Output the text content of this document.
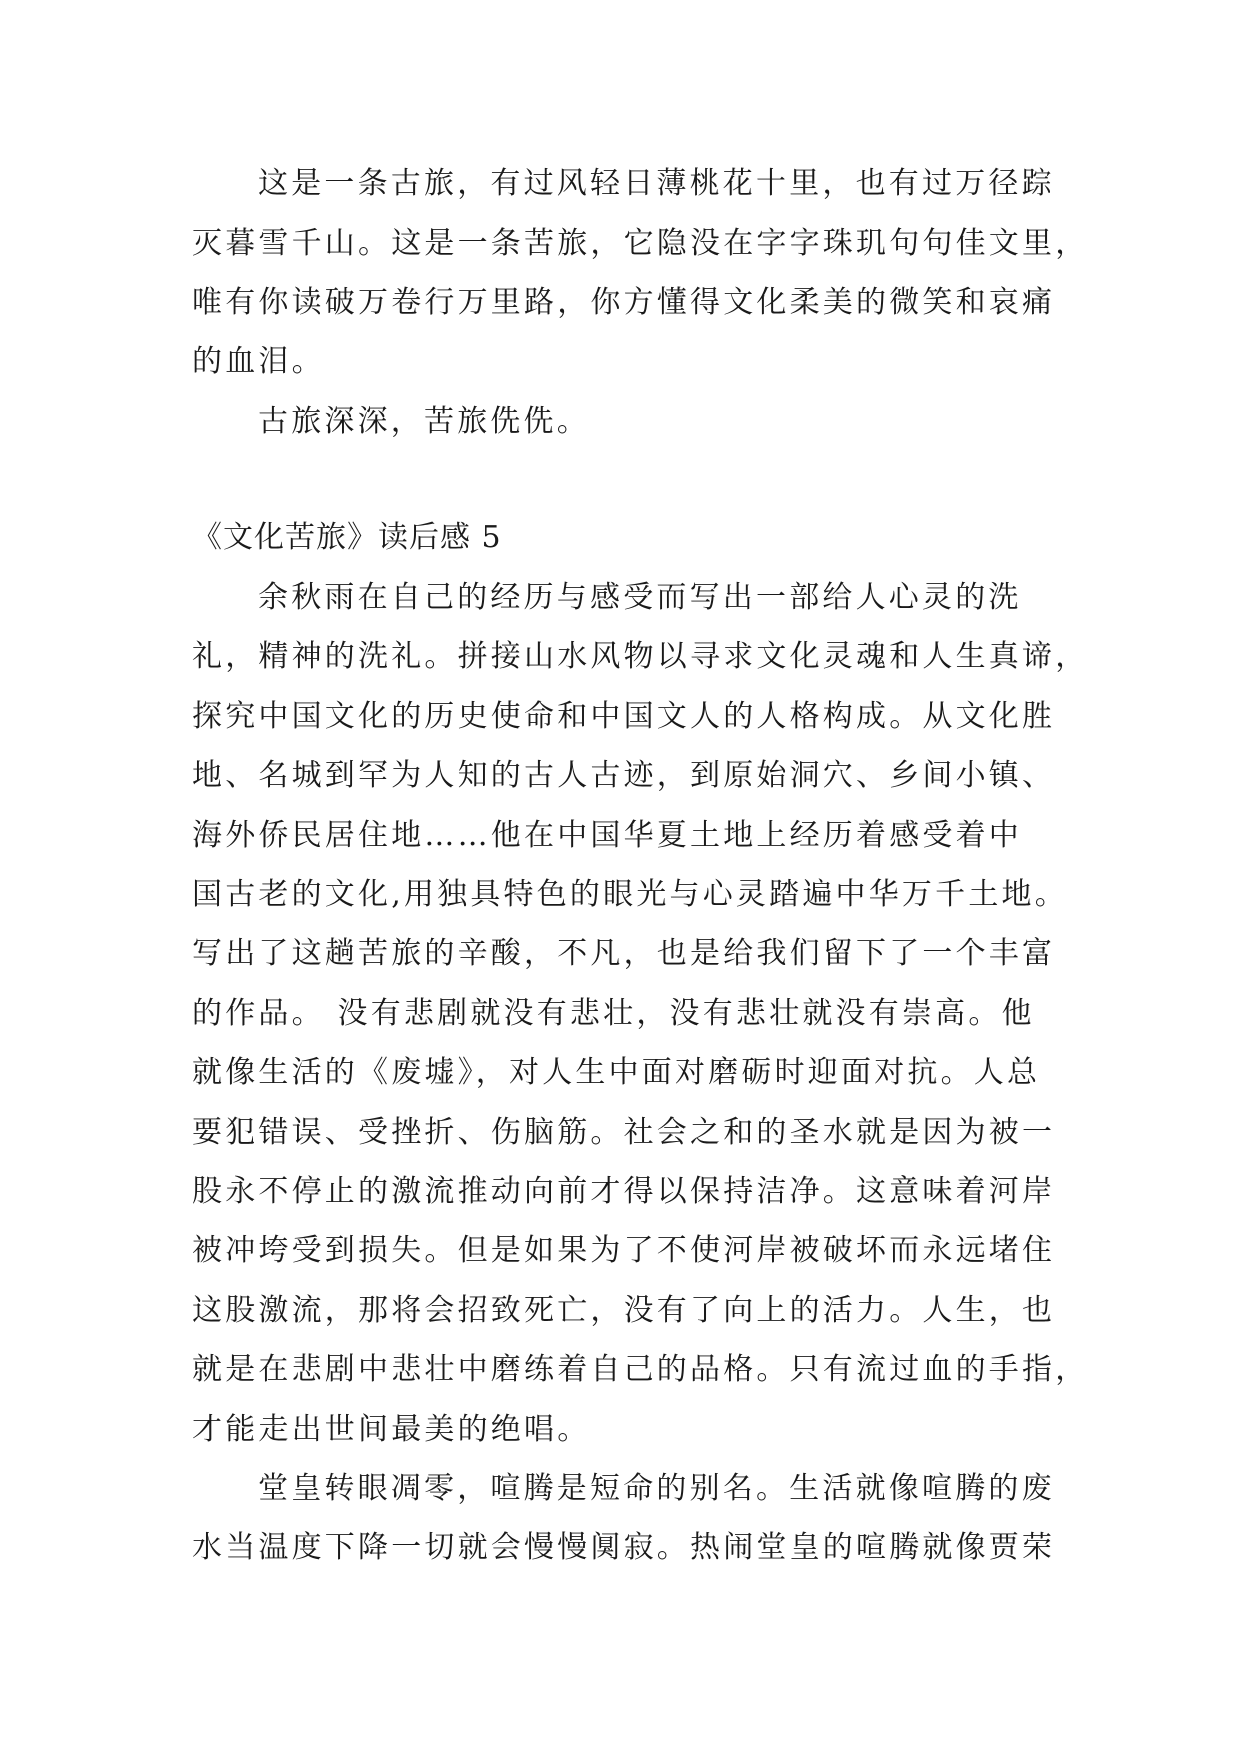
这是一条古旅，有过风轻日薄桃花十里，也有过万径踪
灭暮雪千山。这是一条苦旅，它隐没在字字珠玑句句佳文里，
唯有你读破万卷行万里路，你方懂得文化柔美的微笑和哀痛
的血泪。
古旅深深，苦旅侁侁。
《文化苦旅》读后感 5
余秋雨在自己的经历与感受而写出一部给人心灵的洗
礼，精神的洗礼。拼接山水风物以寻求文化灵魂和人生真谛，
探究中国文化的历史使命和中国文人的人格构成。从文化胜
地、名城到罕为人知的古人古迹，到原始洞穴、乡间小镇、
海外侨民居住地……他在中国华夏土地上经历着感受着中
国古老的文化,用独具特色的眼光与心灵踏遍中华万千土地。
写出了这趟苦旅的辛酸，不凡，也是给我们留下了一个丰富
的作品。 没有悲剧就没有悲壮，没有悲壮就没有崇高。他
就像生活的《废墟》，对人生中面对磨砺时迎面对抗。人总
要犯错误、受挫折、伤脑筋。社会之和的圣水就是因为被一
股永不停止的激流推动向前才得以保持洁净。这意味着河岸
被冲垮受到损失。但是如果为了不使河岸被破坏而永远堵住
这股激流，那将会招致死亡，没有了向上的活力。人生，也
就是在悲剧中悲壮中磨练着自己的品格。只有流过血的手指，
才能走出世间最美的绝唱。
堂皇转眼凋零，喧腾是短命的别名。生活就像喧腾的废
水当温度下降一切就会慢慢阒寂。热闹堂皇的喧腾就像贾荣
